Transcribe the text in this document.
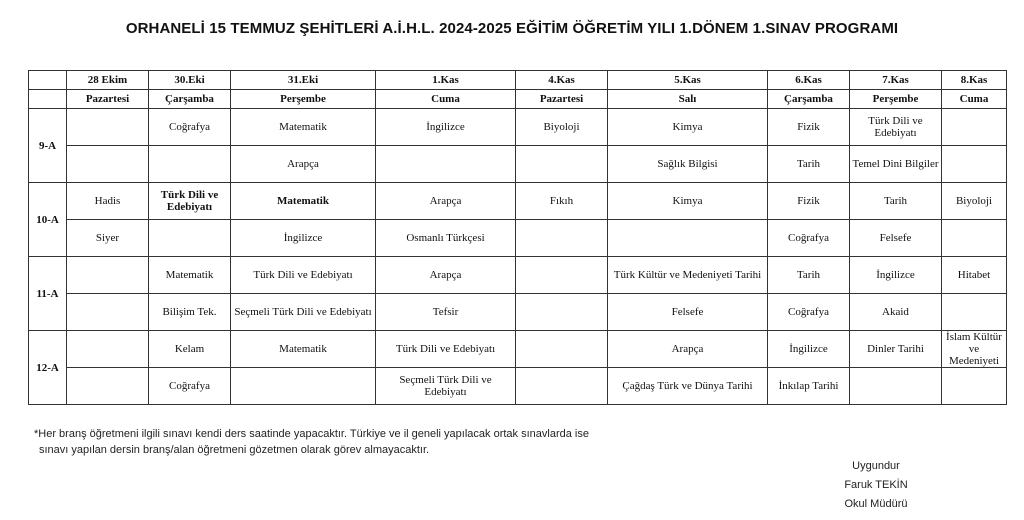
ORHANELİ 15 TEMMUZ ŞEHİTLERİ A.İ.H.L. 2024-2025 EĞİTİM ÖĞRETİM YILI 1.DÖNEM 1.SINAV PROGRAMI
	28 Ekim	30.Eki	31.Eki	1.Kas	4.Kas	5.Kas	6.Kas	7.Kas	8.Kas
	Pazartesi	Çarşamba	Perşembe	Cuma	Pazartesi	Salı	Çarşamba	Perşembe	Cuma
9-A		Coğrafya	Matematik	İngilizce	Biyoloji	Kimya	Fizik	Türk Dili ve Edebiyatı	
			Arapça			Sağlık Bilgisi	Tarih	Temel Dini Bilgiler	
10-A	Hadis	Türk Dili ve Edebiyatı	Matematik	Arapça	Fıkıh	Kimya	Fizik	Tarih	Biyoloji
	Siyer		İngilizce	Osmanlı Türkçesi			Coğrafya	Felsefe	
11-A		Matematik	Türk Dili ve Edebiyatı	Arapça		Türk Kültür ve Medeniyeti Tarihi	Tarih	İngilizce	Hitabet
		Bilişim Tek.	Seçmeli Türk Dili ve Edebiyatı	Tefsir		Felsefe	Coğrafya	Akaid	
12-A		Kelam	Matematik	Türk Dili ve Edebiyatı		Arapça	İngilizce	Dinler Tarihi	İslam Kültür ve Medeniyeti
		Coğrafya		Seçmeli Türk Dili ve Edebiyatı		Çağdaş Türk ve Dünya Tarihi	İnkılap Tarihi		
*Her branş öğretmeni ilgili sınavı kendi ders saatinde yapacaktır. Türkiye ve il geneli yapılacak ortak sınavlarda ise
sınavı yapılan dersin branş/alan öğretmeni gözetmen olarak görev almayacaktır.
Uygundur
Faruk TEKİN
Okul Müdürü
